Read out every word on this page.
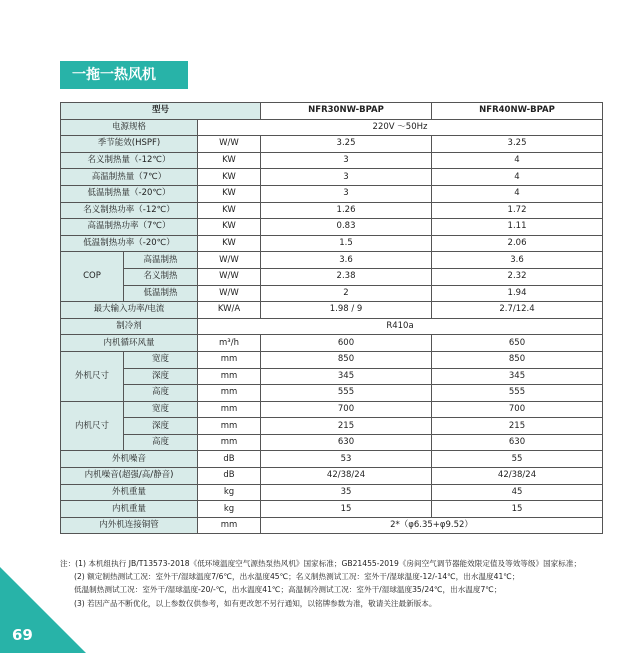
一拖一热风机
型号			NFR30NW-BPAP	NFR40NW-BPAP
电源规格		220V ～50Hz		
季节能效(HSPF)		W/W	3.25	3.25
名义制热量（-12℃）		KW	3	4
高温制热量（7℃）		KW	3	4
低温制热量（-20℃）		KW	3	4
名义制热功率（-12℃）		KW	1.26	1.72
高温制热功率（7℃）		KW	0.83	1.11
低温制热功率（-20℃）		KW	1.5	2.06
COP	高温制热	W/W	3.6	3.6
	名义制热	W/W	2.38	2.32
	低温制热	W/W	2	1.94
最大输入功率/电流		KW/A	1.98 / 9	2.7/12.4
制冷剂		R410a		
内机循环风量		m³/h	600	650
外机尺寸	宽度	mm	850	850
	深度	mm	345	345
	高度	mm	555	555
内机尺寸	宽度	mm	700	700
	深度	mm	215	215
	高度	mm	630	630
外机噪音		dB	53	55
内机噪音(超强/高/静音)		dB	42/38/24	42/38/24
外机重量		kg	35	45
内机重量		kg	15	15
内外机连接铜管		mm	2*（φ6.35+φ9.52）	
注：(1) 本机组执行 JB/T13573-2018《低环境温度空气源热泵热风机》国家标准；GB21455-2019《房间空气调节器能效限定值及等效等级》国家标准；
(2) 额定制热测试工况：室外干/湿球温度7/6℃，出水温度45℃；名义制热测试工况：室外干/湿球温度-12/-14℃，出水温度41℃；
低温制热测试工况：室外干/湿球温度-20/-℃，出水温度41℃；高温制冷测试工况：室外干/湿球温度35/24℃，出水温度7℃；
(3) 若因产品不断优化，以上参数仅供参考，如有更改恕不另行通知，以铭牌参数为准，敬请关注最新版本。
69
